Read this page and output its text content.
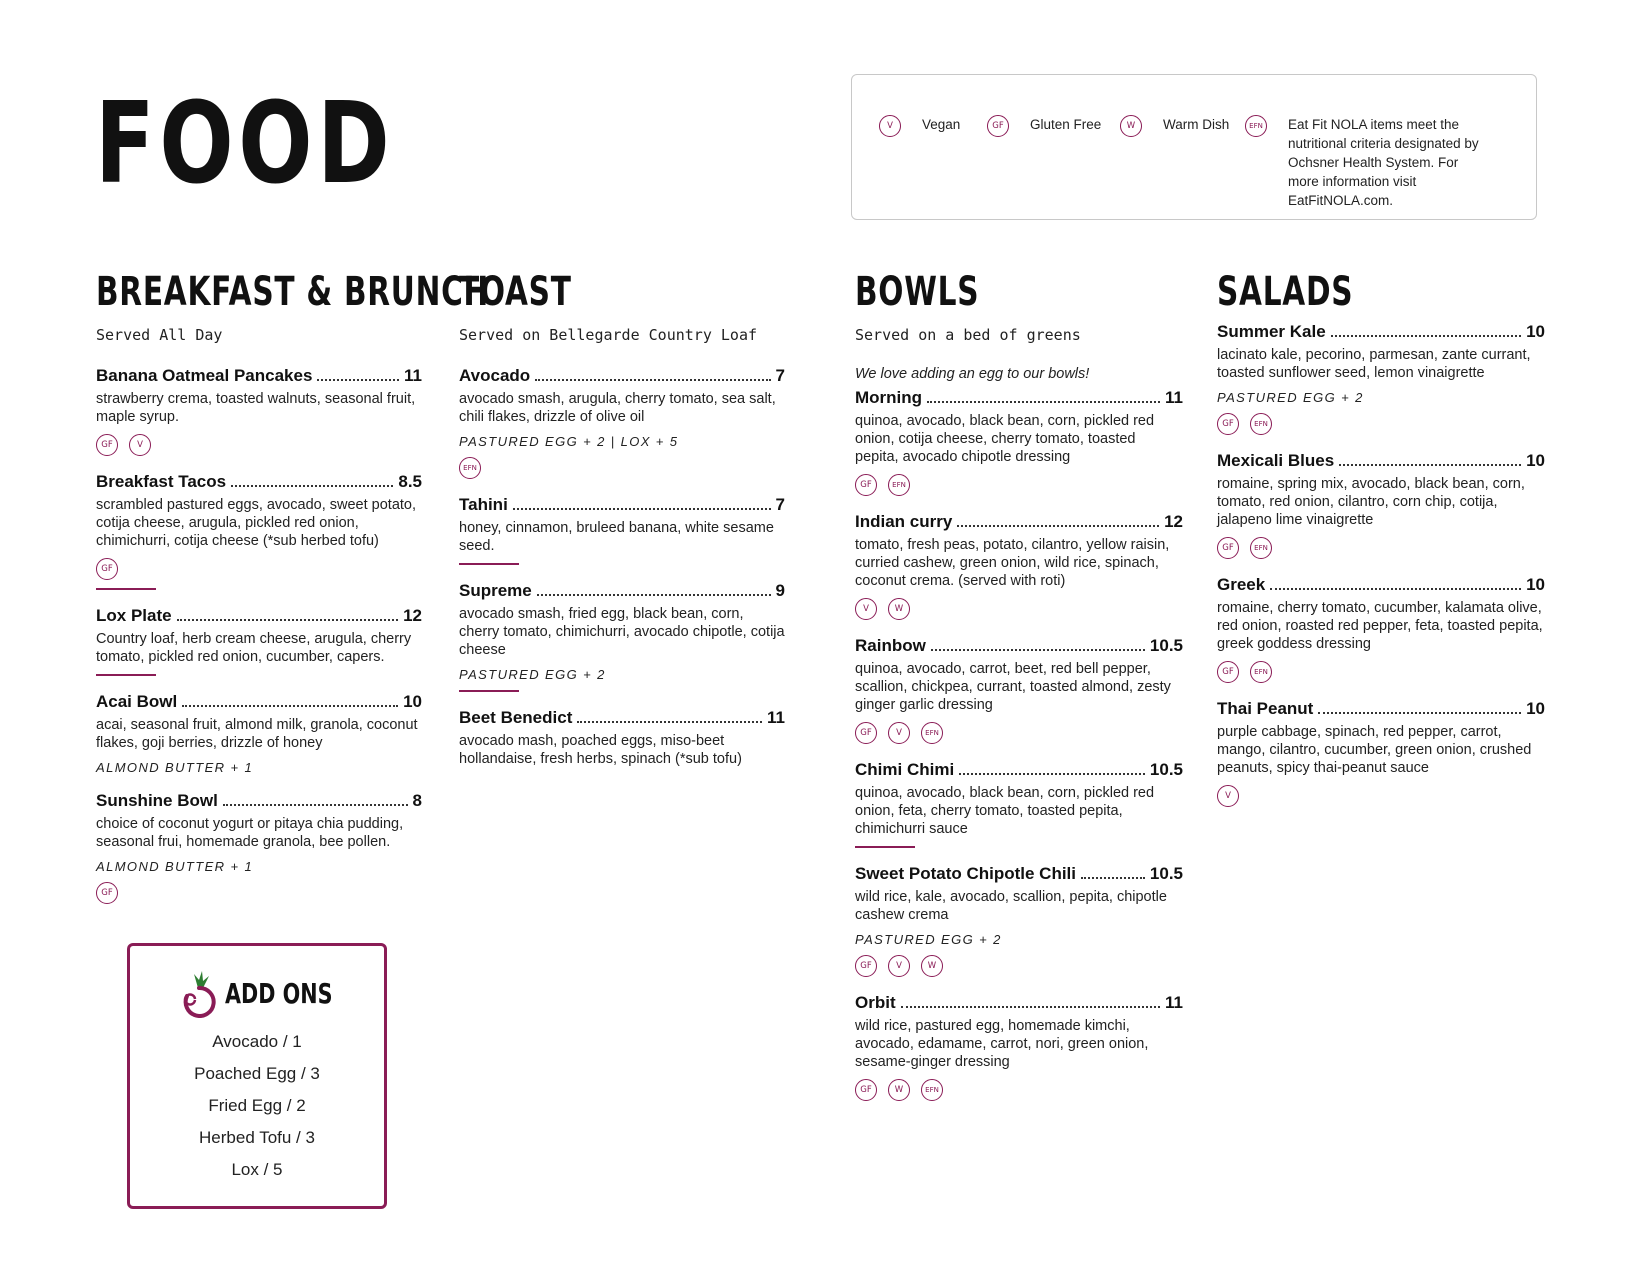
FOOD	V	Vegan	GF	Gluten Free	W	Warm Dish	EFN	Eat Fit NOLA items meet the nutritional criteria designated by Ochsner Health System. For more information visit EatFitNOLA.com.
BREAKFAST & BRUNCH
Served All Day
Banana Oatmeal Pancakes	11
strawberry crema, toasted walnuts, seasonal fruit, maple syrup.
GF	V
Breakfast Tacos	8.5
scrambled pastured eggs, avocado, sweet potato, cotija cheese, arugula, pickled red onion, chimichurri, cotija cheese (*sub herbed tofu)
GF
Lox Plate	12
Country loaf, herb cream cheese, arugula, cherry tomato, pickled red onion, cucumber, capers.
Acai Bowl	10
acai, seasonal fruit, almond milk, granola, coconut flakes, goji berries, drizzle of honey
ALMOND BUTTER + 1
Sunshine Bowl	8
choice of coconut yogurt or pitaya chia pudding, seasonal frui, homemade granola, bee pollen.
ALMOND BUTTER + 1
GF
TOAST
Served on Bellegarde Country Loaf
Avocado	7
avocado smash, arugula, cherry tomato, sea salt, chili flakes, drizzle of olive oil
PASTURED EGG + 2 | LOX + 5
EFN
Tahini	7
honey, cinnamon, bruleed banana, white sesame seed.
Supreme	9
avocado smash, fried egg, black bean, corn, cherry tomato, chimichurri, avocado chipotle, cotija cheese
PASTURED EGG + 2
Beet Benedict	11
avocado mash, poached eggs, miso-beet hollandaise, fresh herbs, spinach (*sub tofu)
BOWLS
Served on a bed of greens
We love adding an egg to our bowls!
Morning	11
quinoa, avocado, black bean, corn, pickled red onion, cotija cheese, cherry tomato, toasted pepita, avocado chipotle dressing
GF	EFN
Indian curry	12
tomato, fresh peas, potato, cilantro, yellow raisin, curried cashew, green onion, wild rice, spinach, coconut crema. (served with roti)
V	W
Rainbow	10.5
quinoa, avocado, carrot, beet, red bell pepper, scallion, chickpea, currant, toasted almond, zesty ginger garlic dressing
GF	V	EFN
Chimi Chimi	10.5
quinoa, avocado, black bean, corn, pickled red onion, feta, cherry tomato, toasted pepita, chimichurri sauce
Sweet Potato Chipotle Chili	10.5
wild rice, kale, avocado, scallion, pepita, chipotle cashew crema
PASTURED EGG + 2
GF	V	W
Orbit	11
wild rice, pastured egg, homemade kimchi, avocado, edamame, carrot, nori, green onion, sesame-ginger dressing
GF	W	EFN
SALADS
Summer Kale	10
lacinato kale, pecorino, parmesan, zante currant, toasted sunflower seed, lemon vinaigrette
PASTURED EGG + 2
GF	EFN
Mexicali Blues	10
romaine, spring mix, avocado, black bean, corn, tomato, red onion, cilantro, corn chip, cotija, jalapeno lime vinaigrette
GF	EFN
Greek	10
romaine, cherry tomato, cucumber, kalamata olive, red onion, roasted red pepper, feta, toasted pepita, greek goddess dressing
GF	EFN
Thai Peanut	10
purple cabbage, spinach, red pepper, carrot, mango, cilantro, cucumber, green onion, crushed peanuts, spicy thai-peanut sauce
V
ADD ONS
Avocado / 1
Poached Egg / 3
Fried Egg / 2
Herbed Tofu / 3
Lox / 5
